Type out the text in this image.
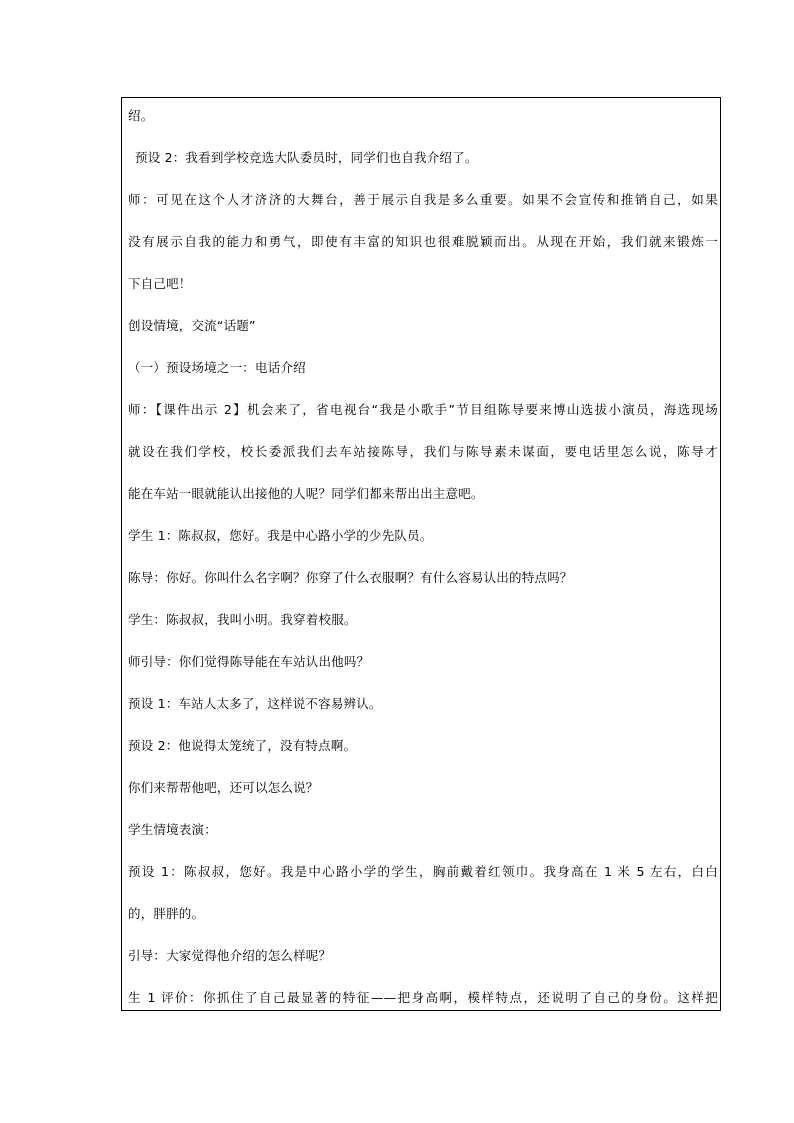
绍。
预设 2：我看到学校竞选大队委员时，同学们也自我介绍了。
师：可见在这个人才济济的大舞台，善于展示自我是多么重要。如果不会宣传和推销自己，如果
没有展示自我的能力和勇气，即使有丰富的知识也很难脱颖而出。从现在开始，我们就来锻炼一
下自己吧！
创设情境，交流“话题”
（一）预设场境之一：电话介绍
师：【课件出示 2】机会来了，省电视台“我是小歌手”节目组陈导要来博山选拔小演员，海选现场
就设在我们学校，校长委派我们去车站接陈导，我们与陈导素未谋面，要电话里怎么说，陈导才
能在车站一眼就能认出接他的人呢？同学们都来帮出出主意吧。
学生 1：陈叔叔，您好。我是中心路小学的少先队员。
陈导：你好。你叫什么名字啊？你穿了什么衣服啊？有什么容易认出的特点吗？
学生：陈叔叔，我叫小明。我穿着校服。
师引导：你们觉得陈导能在车站认出他吗？
预设 1：车站人太多了，这样说不容易辨认。
预设 2：他说得太笼统了，没有特点啊。
你们来帮帮他吧，还可以怎么说？
学生情境表演：
预设 1：陈叔叔，您好。我是中心路小学的学生，胸前戴着红领巾。我身高在 1 米 5 左右，白白
的，胖胖的。
引导：大家觉得他介绍的怎么样呢？
生 1 评价：你抓住了自己最显著的特征——把身高啊，模样特点，还说明了自己的身份。这样把
